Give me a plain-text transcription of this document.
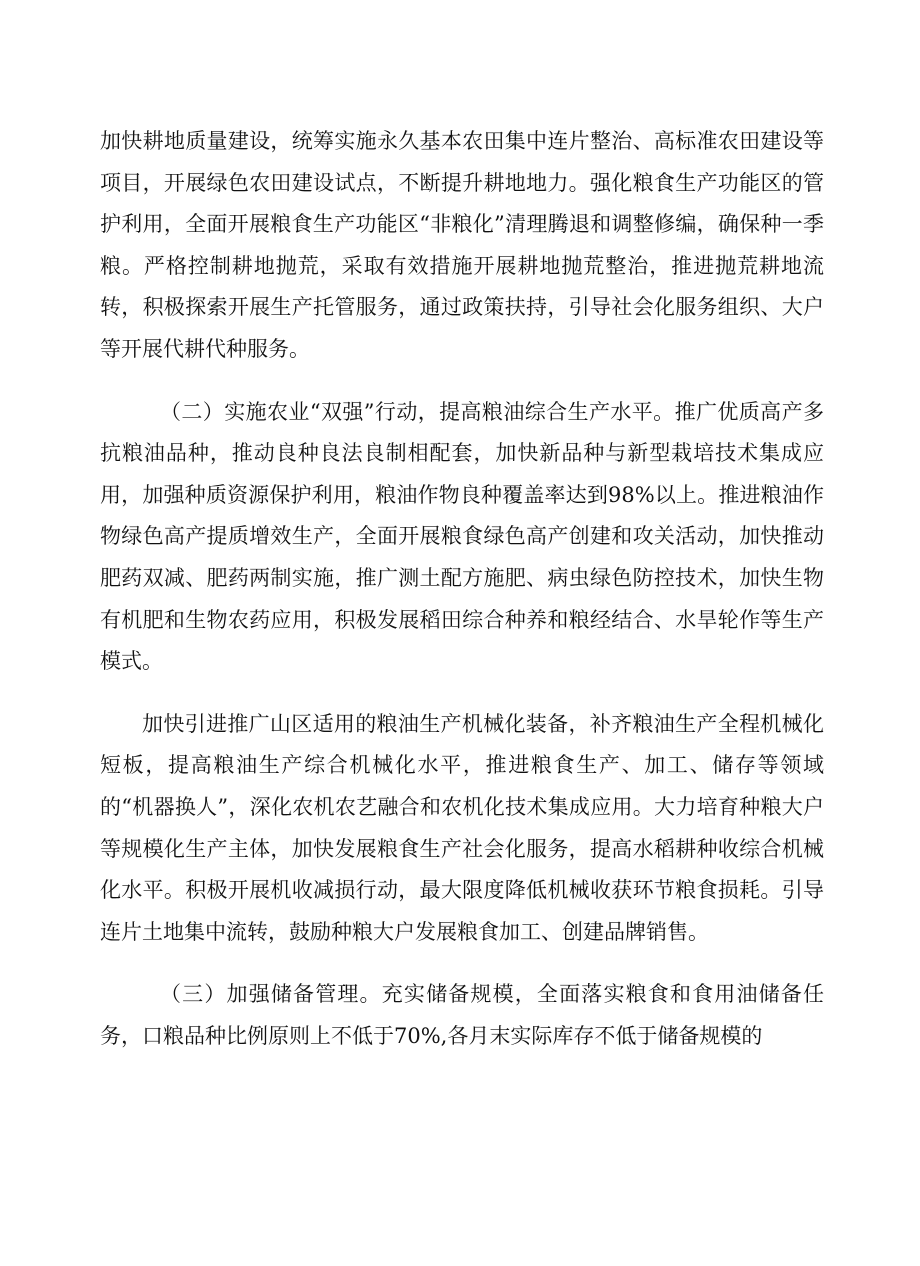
加快耕地质量建设，统筹实施永久基本农田集中连片整治、高标准农田建设等项目，开展绿色农田建设试点，不断提升耕地地力。强化粮食生产功能区的管护利用，全面开展粮食生产功能区“非粮化”清理腾退和调整修编，确保种一季粮。严格控制耕地抛荒，采取有效措施开展耕地抛荒整治，推进抛荒耕地流转，积极探索开展生产托管服务，通过政策扶持，引导社会化服务组织、大户等开展代耕代种服务。

（二）实施农业“双强”行动，提高粮油综合生产水平。推广优质高产多抗粮油品种，推动良种良法良制相配套，加快新品种与新型栽培技术集成应用，加强种质资源保护利用，粮油作物良种覆盖率达到98%以上。推进粮油作物绿色高产提质增效生产，全面开展粮食绿色高产创建和攻关活动，加快推动肥药双减、肥药两制实施，推广测土配方施肥、病虫绿色防控技术，加快生物有机肥和生物农药应用，积极发展稻田综合种养和粮经结合、水旱轮作等生产模式。

加快引进推广山区适用的粮油生产机械化装备，补齐粮油生产全程机械化短板，提高粮油生产综合机械化水平，推进粮食生产、加工、储存等领域的“机器换人”，深化农机农艺融合和农机化技术集成应用。大力培育种粮大户等规模化生产主体，加快发展粮食生产社会化服务，提高水稻耕种收综合机械化水平。积极开展机收减损行动，最大限度降低机械收获环节粮食损耗。引导连片土地集中流转，鼓励种粮大户发展粮食加工、创建品牌销售。

（三）加强储备管理。充实储备规模，全面落实粮食和食用油储备任务，口粮品种比例原则上不低于70%,各月末实际库存不低于储备规模的
